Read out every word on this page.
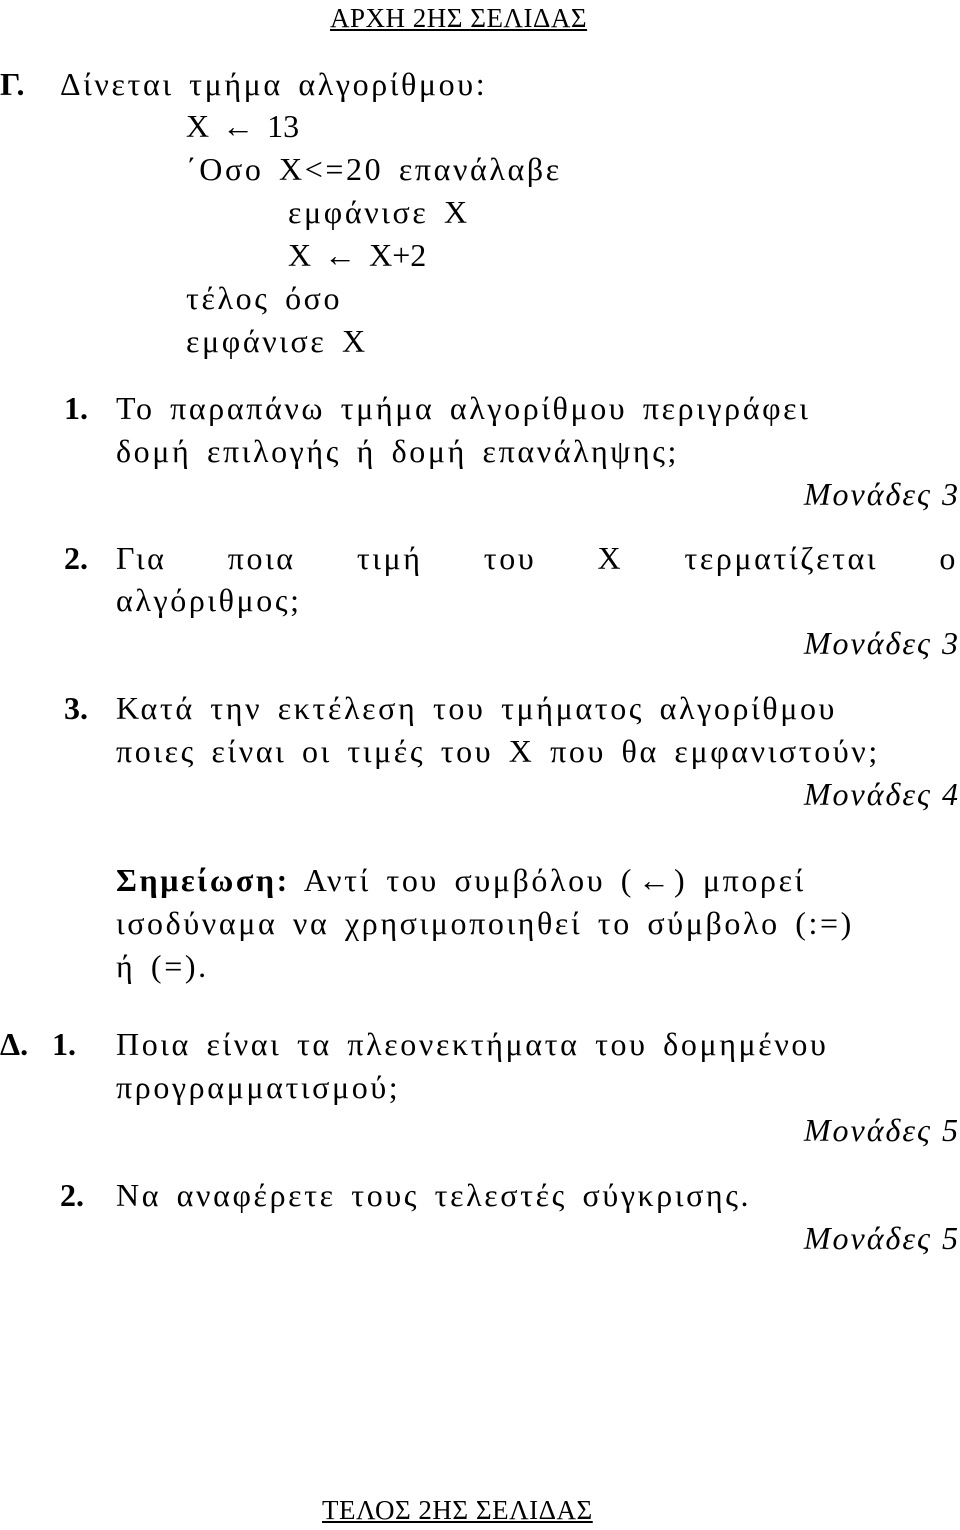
ΑΡΧΗ 2ΗΣ ΣΕΛΙΔΑΣ
Γ. Δίνεται τμήμα αλγορίθμου:
Χ ← 13
΄Οσο Χ<=20 επανάλαβε
εμφάνισε Χ
Χ ← Χ+2
τέλος όσο
εμφάνισε Χ
1. Το παραπάνω τμήμα αλγορίθμου περιγράφει
δομή επιλογής ή δομή επανάληψης;
Μονάδες 3
2. Για ποια τιμή του Χ τερματίζεται ο
αλγόριθμος;
Μονάδες 3
3. Κατά την εκτέλεση του τμήματος αλγορίθμου
ποιες είναι οι τιμές του Χ που θα εμφανιστούν;
Μονάδες 4
Σημείωση: Αντί του συμβόλου ( ← ) μπορεί
ισοδύναμα να χρησιμοποιηθεί το σύμβολο (:=)
ή (=).
Δ. 1. Ποια είναι τα πλεονεκτήματα του δομημένου
προγραμματισμού;
Μονάδες 5
2. Να αναφέρετε τους τελεστές σύγκρισης.
Μονάδες 5
ΤΕΛΟΣ 2ΗΣ ΣΕΛΙΔΑΣ
